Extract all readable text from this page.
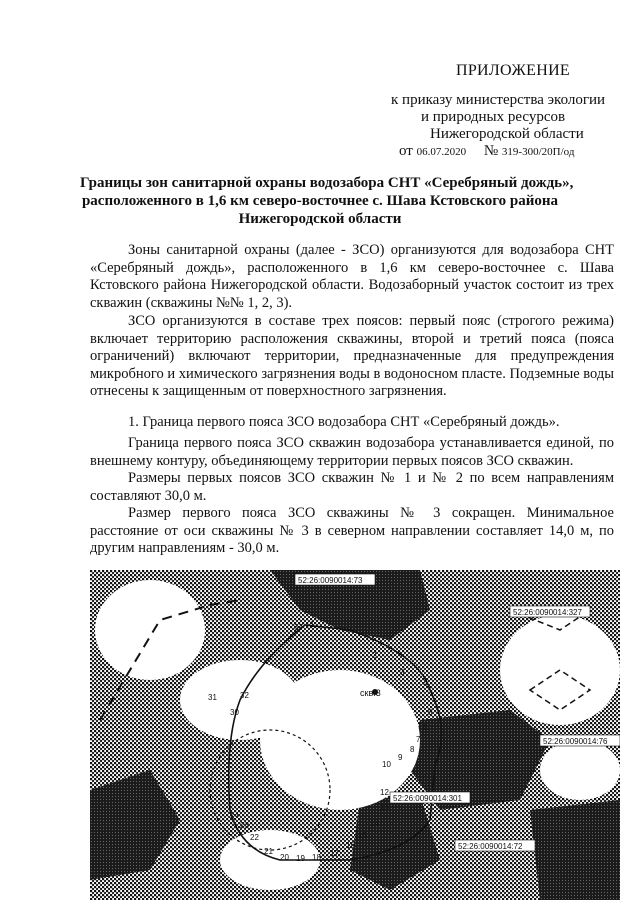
ПРИЛОЖЕНИЕ
к приказу министерства экологии
и природных ресурсов
Нижегородской области
от 06.07.2020 № 319-300/20П/од
Границы зон санитарной охраны водозабора СНТ «Серебряный дождь»,
расположенного в 1,6 км северо-восточнее с. Шава Кстовского района
Нижегородской области
Зоны санитарной охраны (далее - ЗСО) организуются для водозабора СНТ «Серебряный дождь», расположенного в 1,6 км северо-восточнее с. Шава Кстовского района Нижегородской области. Водозаборный участок состоит из трех скважин (скважины №№ 1, 2, 3).
ЗСО организуются в составе трех поясов: первый пояс (строгого режима) включает территорию расположения скважины, второй и третий пояса (пояса ограничений) включают территории, предназначенные для предупреждения микробного и химического загрязнения воды в водоносном пласте. Подземные воды отнесены к защищенным от поверхностного загрязнения.
1. Граница первого пояса ЗСО водозабора СНТ «Серебряный дождь».
Граница первого пояса ЗСО скважин водозабора устанавливается единой, по внешнему контуру, объединяющему территории первых поясов ЗСО скважин.
Размеры первых поясов ЗСО скважин № 1 и № 2 по всем направлениям составляют 30,0 м.
Размер первого пояса ЗСО скважины № 3 сокращен. Минимальное расстояние от оси скважины № 3 в северном направлении составляет 14,0 м, по другим направлениям - 30,0 м.
52:26:0090014:73
52:26:0090014:327
52:26:0090014:76
52:26:0090014:301
52:26:0090014:72
скв.3
37 1
2
3
4
5
6
7
8
9
10
12
13
14
15
16
17
18
19
20
21
22
23
24
30
31	32
